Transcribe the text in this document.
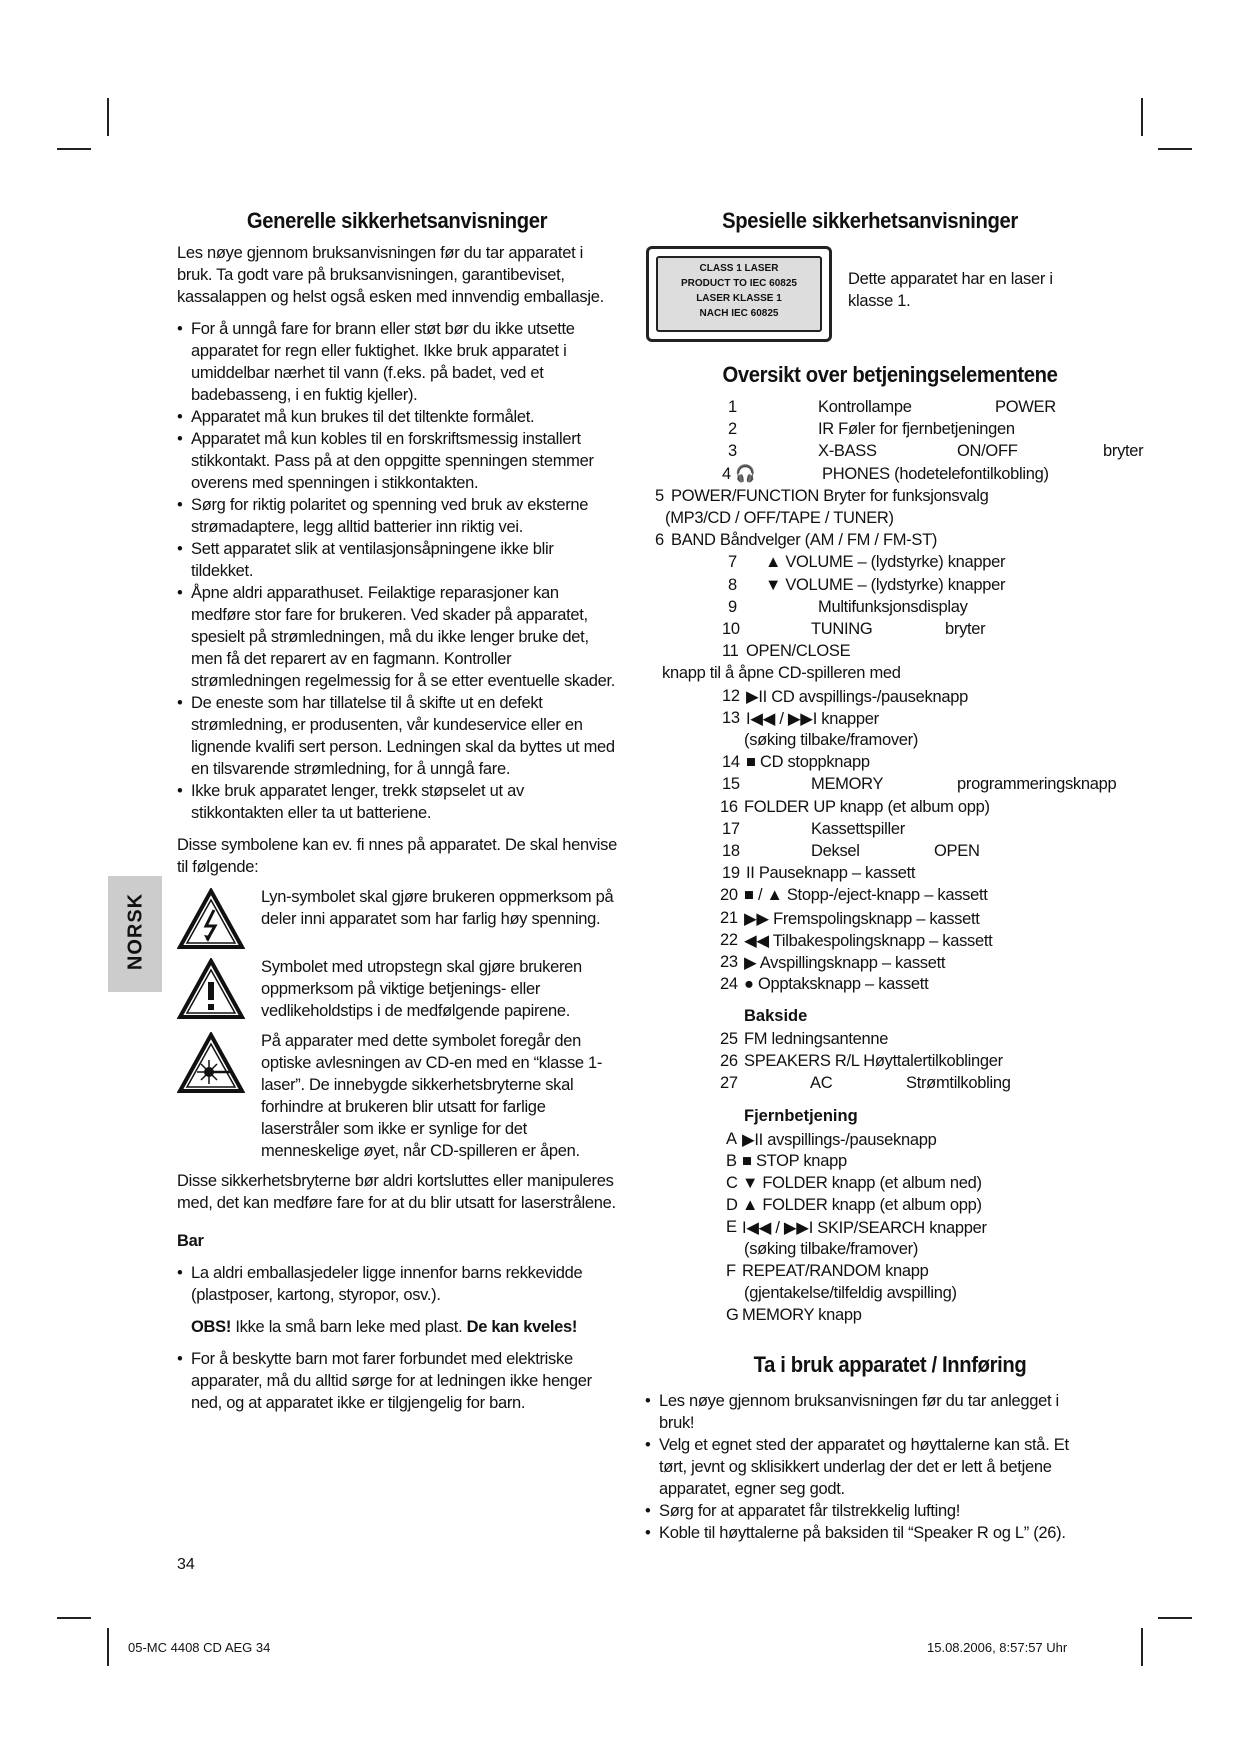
NORSK
Generelle sikkerhetsanvisninger

Les nøye gjennom bruksanvisningen før du tar apparatet i bruk. Ta godt vare på bruksanvisningen, garantibeviset, kassalappen og helst også esken med innvendig emballasje.

• For å unngå fare for brann eller støt bør du ikke utsette apparatet for regn eller fuktighet. Ikke bruk apparatet i umiddelbar nærhet til vann (f.eks. på badet, ved et badebasseng, i en fuktig kjeller).
• Apparatet må kun brukes til det tiltenkte formålet.
• Apparatet må kun kobles til en forskriftsmessig installert stikkontakt. Pass på at den oppgitte spenningen stemmer overens med spenningen i stikkontakten.
• Sørg for riktig polaritet og spenning ved bruk av eksterne strømadaptere, legg alltid batterier inn riktig vei.
• Sett apparatet slik at ventilasjonsåpningene ikke blir tildekket.
• Åpne aldri apparathuset. Feilaktige reparasjoner kan medføre stor fare for brukeren. Ved skader på apparatet, spesielt på strømledningen, må du ikke lenger bruke det, men få det reparert av en fagmann. Kontroller strømledningen regelmessig for å se etter eventuelle skader.
• De eneste som har tillatelse til å skifte ut en defekt strømledning, er produsenten, vår kundeservice eller en lignende kvalifi sert person. Ledningen skal da byttes ut med en tilsvarende strømledning, for å unngå fare.
• Ikke bruk apparatet lenger, trekk støpselet ut av stikkontakten eller ta ut batteriene.

Disse symbolene kan ev. fi nnes på apparatet. De skal henvise til følgende:

Lyn-symbolet skal gjøre brukeren oppmerksom på deler inni apparatet som har farlig høy spenning.

Symbolet med utropstegn skal gjøre brukeren oppmerksom på viktige betjenings- eller vedlikeholdstips i de medfølgende papirene.

På apparater med dette symbolet foregår den optiske avlesningen av CD-en med en “klasse 1-laser”. De innebygde sikkerhetsbryterne skal forhindre at brukeren blir utsatt for farlige laserstråler som ikke er synlige for det menneskelige øyet, når CD-spilleren er åpen.

Disse sikkerhetsbryterne bør aldri kortsluttes eller manipuleres med, det kan medføre fare for at du blir utsatt for laserstrålene.

Bar

• La aldri emballasjedeler ligge innenfor barns rekkevidde (plastposer, kartong, styropor, osv.).

OBS! Ikke la små barn leke med plast. De kan kveles!

• For å beskytte barn mot farer forbundet med elektriske apparater, må du alltid sørge for at ledningen ikke henger ned, og at apparatet ikke er tilgjengelig for barn.
Spesielle sikkerhetsanvisninger
CLASS 1 LASER
PRODUCT TO IEC 60825
LASER KLASSE 1
NACH IEC 60825

Dette apparatet har en laser i klasse 1.

Oversikt over betjeningselementene
1	Kontrollampe	POWER
2	IR Føler for fjernbetjeningen
3	X-BASS	ON/OFF	bryter
4 🎧	PHONES (hodetelefontilkobling)
5 POWER/FUNCTION Bryter for funksjonsvalg
(MP3/CD / OFF/TAPE / TUNER)
6 BAND Båndvelger (AM / FM / FM-ST)
7 ▲ VOLUME – (lydstyrke) knapper
8 ▼ VOLUME – (lydstyrke) knapper
9	Multifunksjonsdisplay
10	TUNING	bryter
11 OPEN/CLOSE
knapp til å åpne CD-spilleren med
12 ▶II CD avspillings-/pauseknapp
13 I◀◀ / ▶▶I knapper
(søking tilbake/framover)
14 ■ CD stoppknapp
15	MEMORY	programmeringsknapp
16 FOLDER UP knapp (et album opp)
17	Kassettspiller
18	Deksel	OPEN
19 II Pauseknapp – kassett
20 ■ / ▲ Stopp-/eject-knapp – kassett
21 ▶▶ Fremspolingsknapp – kassett
22 ◀◀ Tilbakespolingsknapp – kassett
23 ▶ Avspillingsknapp – kassett
24 ● Opptaksknapp – kassett
25 FM ledningsantenne
26 SPEAKERS R/L Høyttalertilkoblinger
27	AC	Strømtilkobling
A ▶II avspillings-/pauseknapp
B ■ STOP knapp
C ▼ FOLDER knapp (et album ned)
D ▲ FOLDER knapp (et album opp)
E I◀◀ / ▶▶I SKIP/SEARCH knapper
(søking tilbake/framover)
F REPEAT/RANDOM knapp
(gjentakelse/tilfeldig avspilling)
G MEMORY knapp

Bakside

Fjernbetjening

Ta i bruk apparatet / Innføring
• Les nøye gjennom bruksanvisningen før du tar anlegget i bruk!
• Velg et egnet sted der apparatet og høyttalerne kan stå. Et tørt, jevnt og sklisikkert underlag der det er lett å betjene apparatet, egner seg godt.
• Sørg for at apparatet får tilstrekkelig lufting!
• Koble til høyttalerne på baksiden til “Speaker R og L” (26).
34
05-MC 4408 CD AEG 34	15.08.2006, 8:57:57 Uhr
